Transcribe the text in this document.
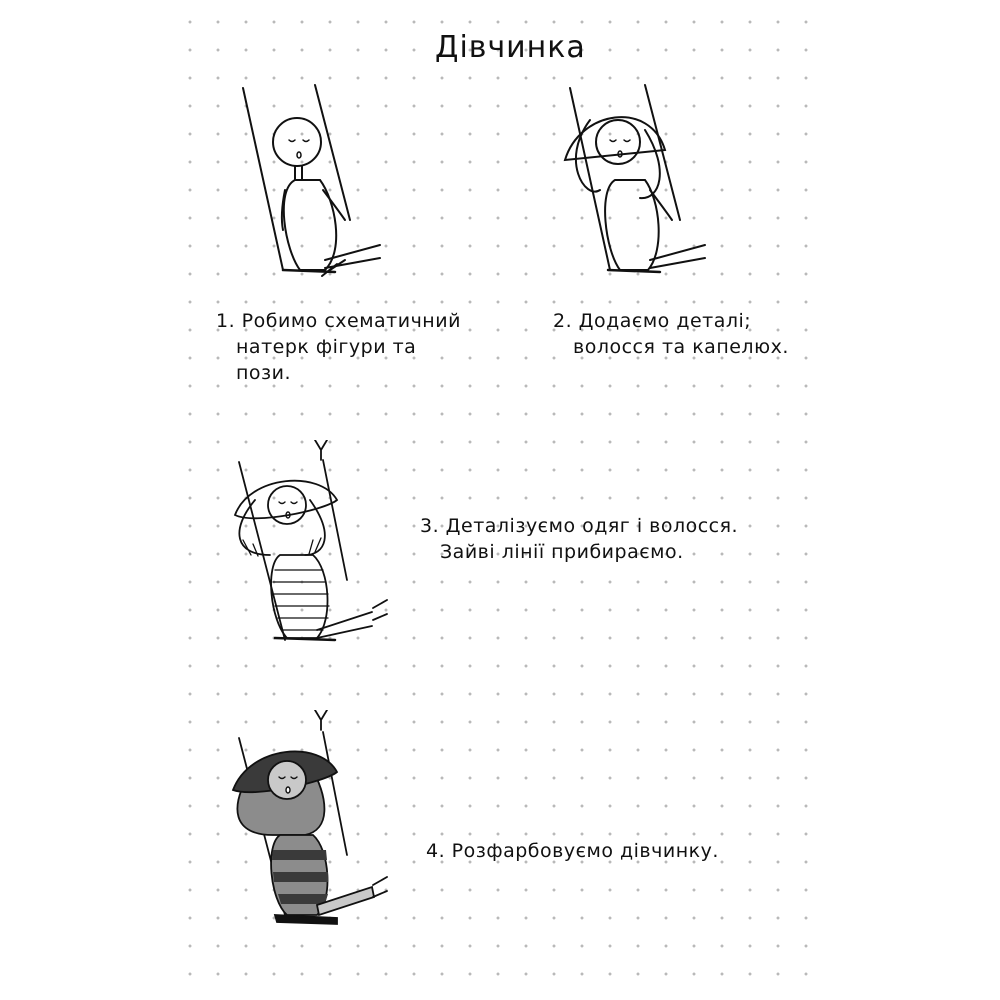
Дівчинка
1. Робимо схематичний
натерк фігури та
пози.
2. Додаємо деталі;
волосся та капелюх.
3. Деталізуємо одяг і волосся.
Зайві лінії прибираємо.
4. Розфарбовуємо дівчинку.
